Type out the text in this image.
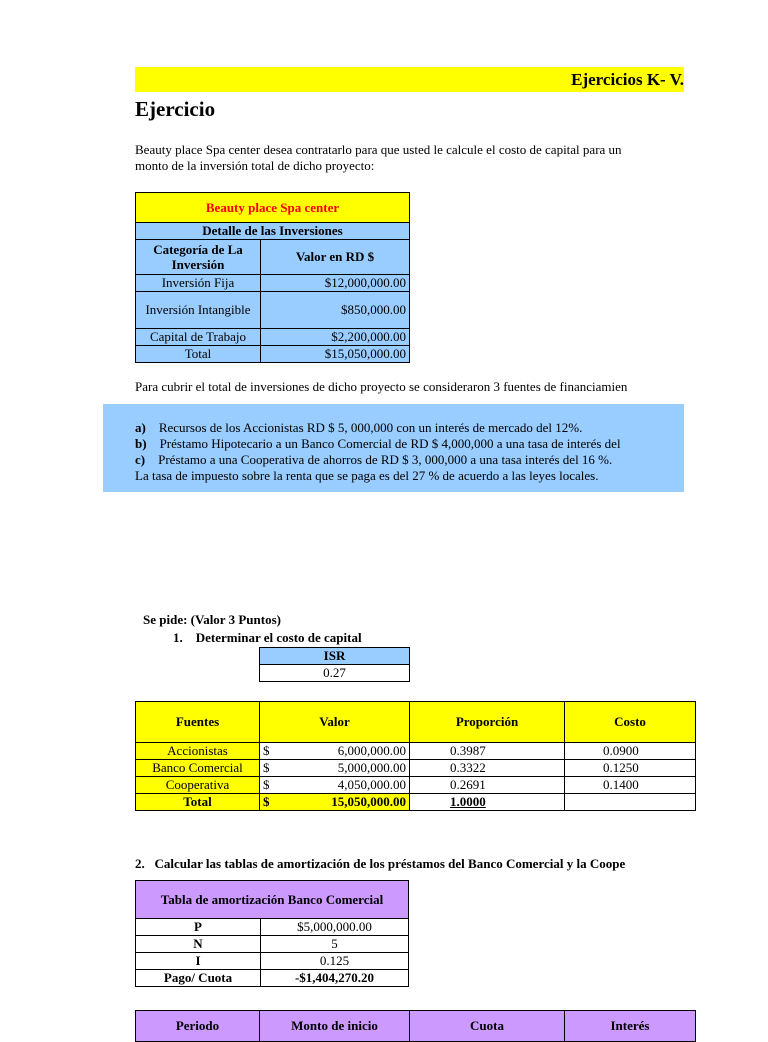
Ejercicios K- V.
Ejercicio
Beauty place Spa center desea contratarlo para que usted le calcule el costo de capital para un
monto de la inversión total de dicho proyecto:
Beauty place Spa center	
Detalle de las Inversiones	
Categoría de La Inversión	Valor en RD $
Inversión Fija	$12,000,000.00
Inversión Intangible	$850,000.00
Capital de Trabajo	$2,200,000.00
Total	$15,050,000.00
Para cubrir el total de inversiones de dicho proyecto se consideraron 3 fuentes de financiamien
a) Recursos de los Accionistas RD $ 5, 000,000 con un interés de mercado del 12%.
b) Préstamo Hipotecario a un Banco Comercial de RD $ 4,000,000 a una tasa de interés del
c) Préstamo a una Cooperativa de ahorros de RD $ 3, 000,000 a una tasa interés del 16 %.
La tasa de impuesto sobre la renta que se paga es del 27 % de acuerdo a las leyes locales.
Se pide: (Valor 3 Puntos)
1. Determinar el costo de capital
ISR
0.27
Fuentes	Valor		Proporción	Costo
Accionistas	$	6,000,000.00	0.3987	0.0900
Banco Comercial	$	5,000,000.00	0.3322	0.1250
Cooperativa	$	4,050,000.00	0.2691	0.1400
Total	$	15,050,000.00	1.0000	
2. Calcular las tablas de amortización de los préstamos del Banco Comercial y la Coope
Tabla de amortización Banco Comercial	
P	$5,000,000.00
N	5
I	0.125
Pago/ Cuota	-$1,404,270.20
Periodo	Monto de inicio	Cuota	Interés
